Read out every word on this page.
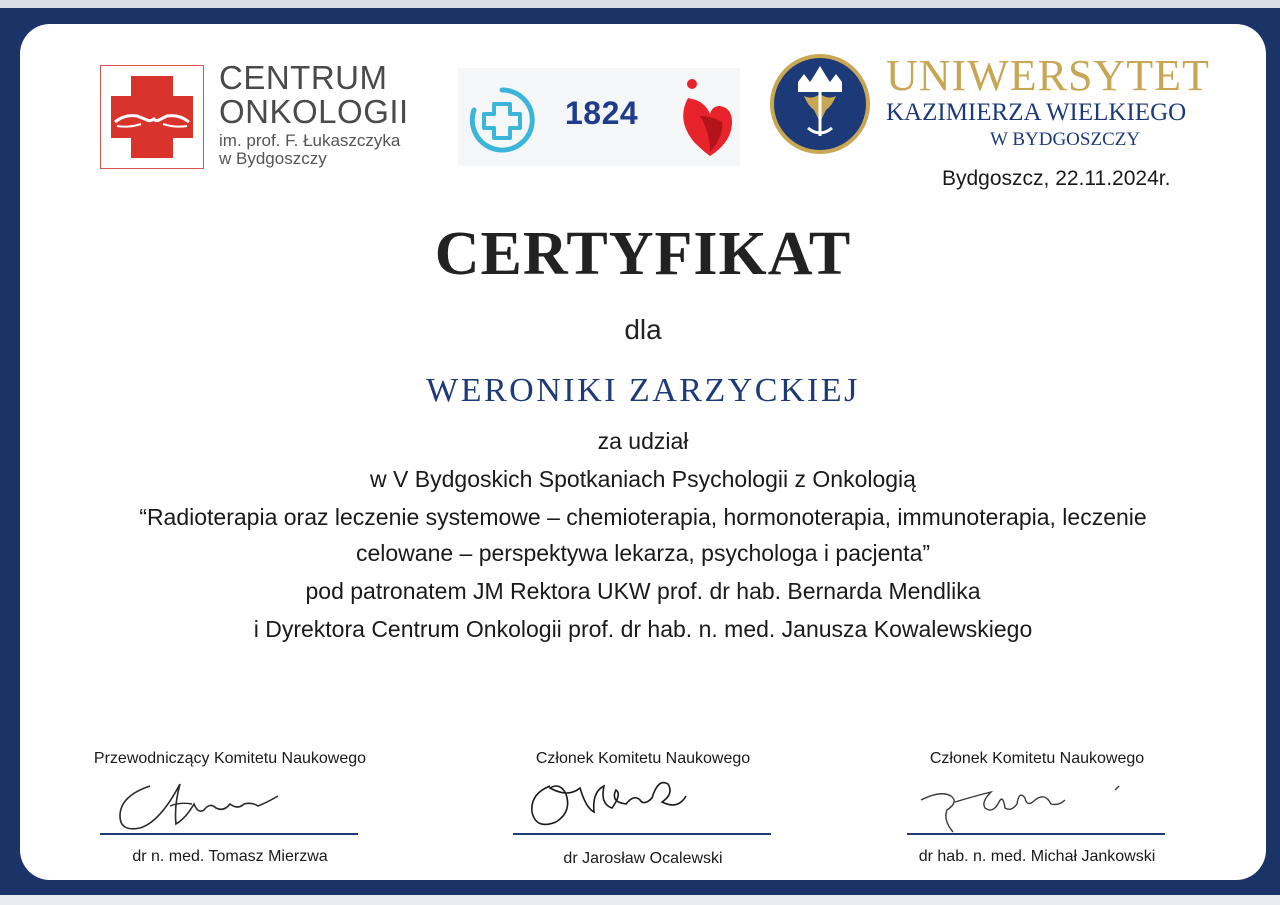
CENTRUM
ONKOLOGII
im. prof. F. Łukaszczyka
w Bydgoszczy
1824
UNIWERSYTET
KAZIMIERZA WIELKIEGO
W BYDGOSZCZY
Bydgoszcz, 22.11.2024r.
CERTYFIKAT
dla
WERONIKI ZARZYCKIEJ
za udział
w V Bydgoskich Spotkaniach Psychologii z Onkologią
“Radioterapia oraz leczenie systemowe – chemioterapia, hormonoterapia, immunoterapia, leczenie
celowane – perspektywa lekarza, psychologa i pacjenta”
pod patronatem JM Rektora UKW prof. dr hab. Bernarda Mendlika
i Dyrektora Centrum Onkologii prof. dr hab. n. med. Janusza Kowalewskiego
Przewodniczący Komitetu Naukowego
dr n. med. Tomasz Mierzwa
Członek Komitetu Naukowego
dr Jarosław Ocalewski
Członek Komitetu Naukowego
dr hab. n. med. Michał Jankowski
